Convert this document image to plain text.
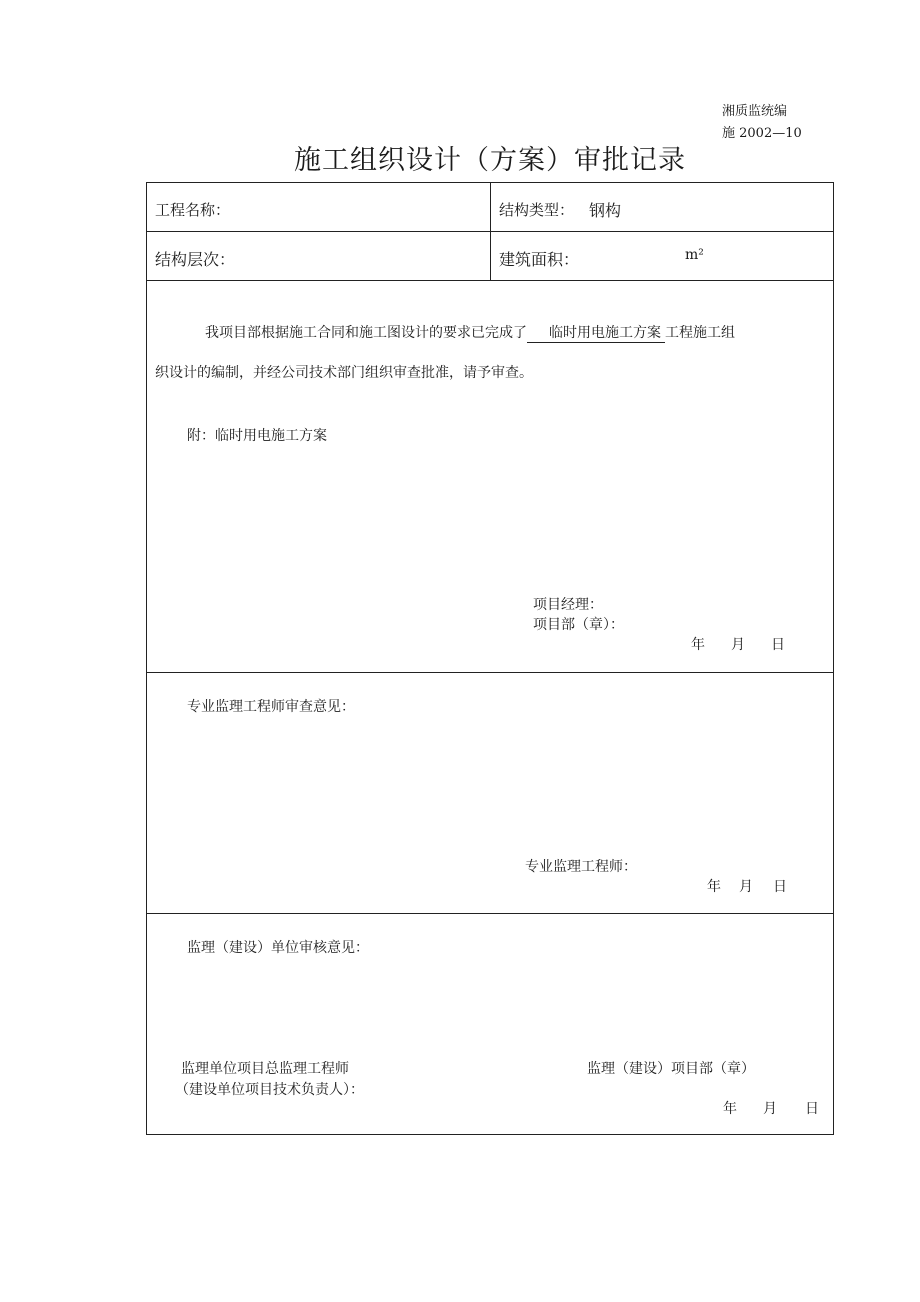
湘质监统编
施 2002—10
施工组织设计（方案）审批记录
工程名称：	结构类型： 钢构
结构层次：	建筑面积：	m²
我项目部根据施工合同和施工图设计的要求已完成了 临时用电施工方案 工程施工组
织设计的编制，并经公司技术部门组织审查批准，请予审查。
附：临时用电施工方案
项目经理：
项目部（章）：
年 月 日
专业监理工程师审查意见：
专业监理工程师：
年 月 日
监理（建设）单位审核意见：
监理单位项目总监理工程师
（建设单位项目技术负责人）：
监理（建设）项目部（章）
年 月 日
